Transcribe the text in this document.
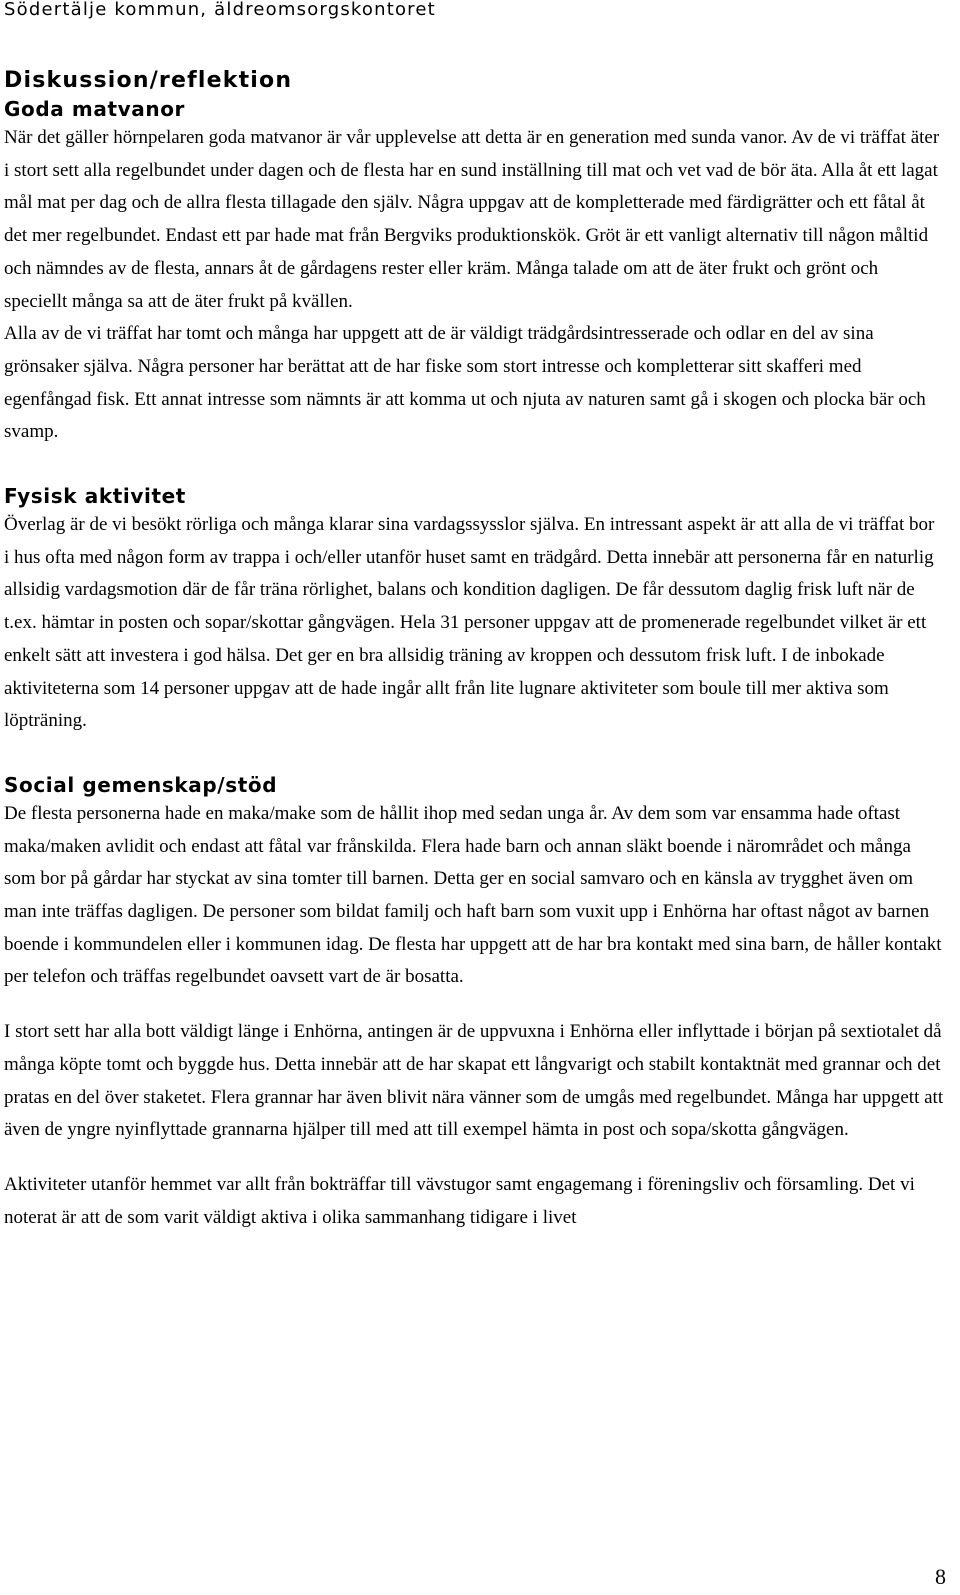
Södertälje kommun, äldreomsorgskontoret
Diskussion/reflektion
Goda matvanor

När det gäller hörnpelaren goda matvanor är vår upplevelse att detta är en generation med sunda vanor. Av de vi träffat äter i stort sett alla regelbundet under dagen och de flesta har en sund inställning till mat och vet vad de bör äta. Alla åt ett lagat mål mat per dag och de allra flesta tillagade den själv. Några uppgav att de kompletterade med färdigrätter och ett fåtal åt det mer regelbundet. Endast ett par hade mat från Bergviks produktionskök. Gröt är ett vanligt alternativ till någon måltid och nämndes av de flesta, annars åt de gårdagens rester eller kräm. Många talade om att de äter frukt och grönt och speciellt många sa att de äter frukt på kvällen.

Alla av de vi träffat har tomt och många har uppgett att de är väldigt trädgårdsintresserade och odlar en del av sina grönsaker själva. Några personer har berättat att de har fiske som stort intresse och kompletterar sitt skafferi med egenfångad fisk. Ett annat intresse som nämnts är att komma ut och njuta av naturen samt gå i skogen och plocka bär och svamp.

Fysisk aktivitet

Överlag är de vi besökt rörliga och många klarar sina vardagssysslor själva. En intressant aspekt är att alla de vi träffat bor i hus ofta med någon form av trappa i och/eller utanför huset samt en trädgård. Detta innebär att personerna får en naturlig allsidig vardagsmotion där de får träna rörlighet, balans och kondition dagligen. De får dessutom daglig frisk luft när de t.ex. hämtar in posten och sopar/skottar gångvägen. Hela 31 personer uppgav att de promenerade regelbundet vilket är ett enkelt sätt att investera i god hälsa. Det ger en bra allsidig träning av kroppen och dessutom frisk luft. I de inbokade aktiviteterna som 14 personer uppgav att de hade ingår allt från lite lugnare aktiviteter som boule till mer aktiva som löpträning.

Social gemenskap/stöd

De flesta personerna hade en maka/make som de hållit ihop med sedan unga år. Av dem som var ensamma hade oftast maka/maken avlidit och endast att fåtal var frånskilda. Flera hade barn och annan släkt boende i närområdet och många som bor på gårdar har styckat av sina tomter till barnen. Detta ger en social samvaro och en känsla av trygghet även om man inte träffas dagligen. De personer som bildat familj och haft barn som vuxit upp i Enhörna har oftast något av barnen boende i kommundelen eller i kommunen idag. De flesta har uppgett att de har bra kontakt med sina barn, de håller kontakt per telefon och träffas regelbundet oavsett vart de är bosatta.

I stort sett har alla bott väldigt länge i Enhörna, antingen är de uppvuxna i Enhörna eller inflyttade i början på sextiotalet då många köpte tomt och byggde hus. Detta innebär att de har skapat ett långvarigt och stabilt kontaktnät med grannar och det pratas en del över staketet. Flera grannar har även blivit nära vänner som de umgås med regelbundet. Många har uppgett att även de yngre nyinflyttade grannarna hjälper till med att till exempel hämta in post och sopa/skotta gångvägen.

Aktiviteter utanför hemmet var allt från bokträffar till vävstugor samt engagemang i föreningsliv och församling. Det vi noterat är att de som varit väldigt aktiva i olika sammanhang tidigare i livet

8
